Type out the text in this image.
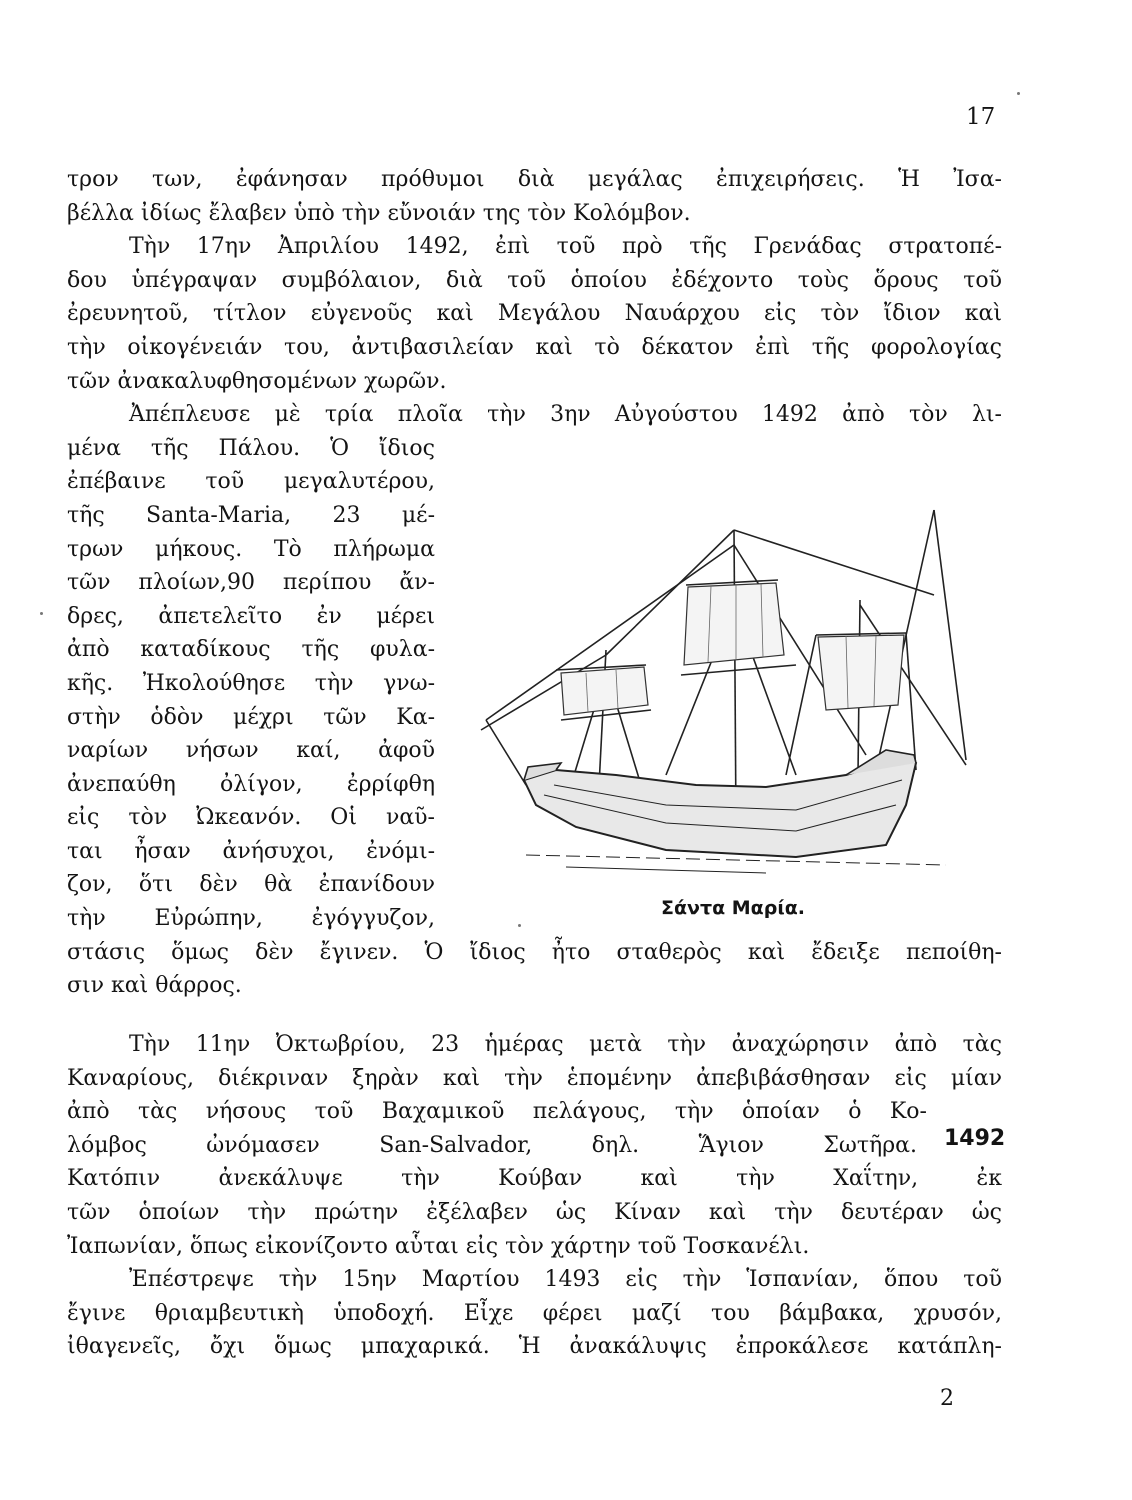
17
τρον των, ἐφάνησαν πρόθυμοι διὰ μεγάλας ἐπιχειρήσεις. Ἡ Ἰσα-
βέλλα ἰδίως ἔλαβεν ὑπὸ τὴν εὔνοιάν της τὸν Κολόμβον.
Τὴν 17ην Ἀπριλίου 1492, ἐπὶ τοῦ πρὸ τῆς Γρενάδας στρατοπέ-
δου ὑπέγραψαν συμβόλαιον, διὰ τοῦ ὁποίου ἐδέχοντο τοὺς ὅρους τοῦ
ἐρευνητοῦ, τίτλον εὐγενοῦς καὶ Μεγάλου Ναυάρχου εἰς τὸν ἴδιον καὶ
τὴν οἰκογένειάν του, ἀντιβασιλείαν καὶ τὸ δέκατον ἐπὶ τῆς φορολογίας
τῶν ἀνακαλυφθησομένων χωρῶν.
Ἀπέπλευσε μὲ τρία πλοῖα τὴν 3ην Αὐγούστου 1492 ἀπὸ τὸν λι-
μένα τῆς Πάλου. Ὁ ἴδιος
ἐπέβαινε τοῦ μεγαλυτέρου,
τῆς Santa-Maria, 23 μέ-
τρων μήκους. Τὸ πλήρωμα
τῶν πλοίων,90 περίπου ἄν-
δρες, ἀπετελεῖτο ἐν μέρει
ἀπὸ καταδίκους τῆς φυλα-
κῆς. Ἠκολούθησε τὴν γνω-
στὴν ὁδὸν μέχρι τῶν Κα-
ναρίων νήσων καί, ἀφοῦ
ἀνεπαύθη ὀλίγον, ἐρρίφθη
εἰς τὸν Ὠκεανόν. Οἱ ναῦ-
ται ἦσαν ἀνήσυχοι, ἐνόμι-
ζον, ὅτι δὲν θὰ ἐπανίδουν
τὴν Εὐρώπην, ἐγόγγυζον,
στάσις ὅμως δὲν ἔγινεν. Ὁ ἴδιος ἦτο σταθερὸς καὶ ἔδειξε πεποίθη-
σιν καὶ θάρρος.
Σάντα Μαρία.
Τὴν 11ην Ὀκτωβρίου, 23 ἡμέρας μετὰ τὴν ἀναχώρησιν ἀπὸ τὰς
Καναρίους, διέκριναν ξηρὰν καὶ τὴν ἑπομένην ἀπεβιβάσθησαν εἰς μίαν
ἀπὸ τὰς νήσους τοῦ Βαχαμικοῦ πελάγους, τὴν ὁποίαν ὁ Κο-
λόμβος ὠνόμασεν San-Salvador, δηλ. Ἅγιον Σωτῆρα.
Κατόπιν ἀνεκάλυψε τὴν Κούβαν καὶ τὴν Χαΐτην, ἐκ
τῶν ὁποίων τὴν πρώτην ἐξέλαβεν ὡς Κίναν καὶ τὴν δευτέραν ὡς
Ἰαπωνίαν, ὅπως εἰκονίζοντο αὗται εἰς τὸν χάρτην τοῦ Τοσκανέλι.
Ἐπέστρεψε τὴν 15ην Μαρτίου 1493 εἰς τὴν Ἱσπανίαν, ὅπου τοῦ
ἔγινε θριαμβευτικὴ ὑποδοχή. Εἶχε φέρει μαζί του βάμβακα, χρυσόν,
ἰθαγενεῖς, ὄχι ὅμως μπαχαρικά. Ἡ ἀνακάλυψις ἐπροκάλεσε κατάπλη-
1492
2
